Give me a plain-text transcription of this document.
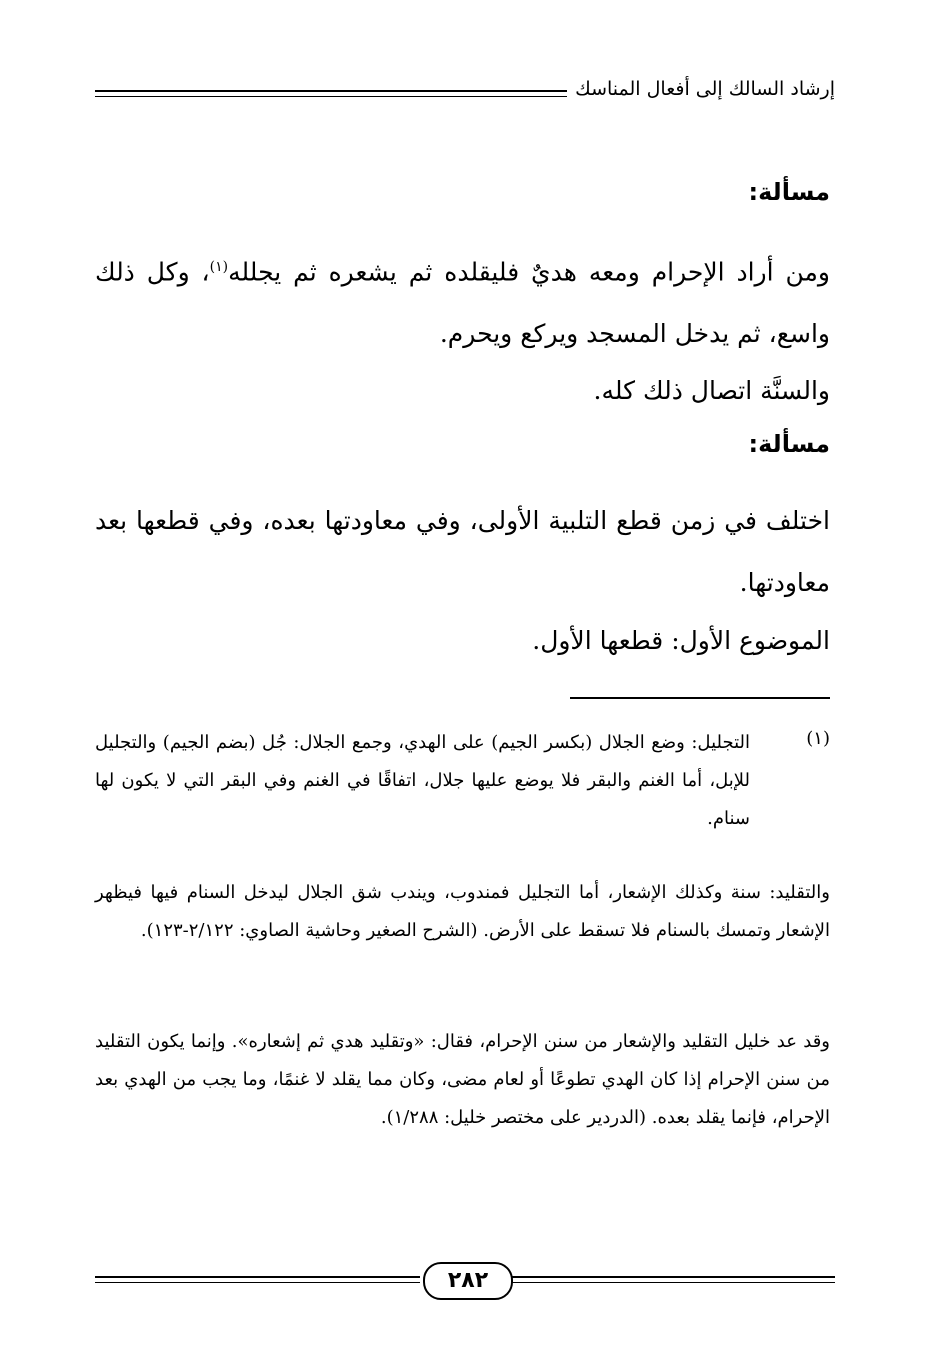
إرشاد السالك إلى أفعال المناسك
مسألة:
ومن أراد الإحرام ومعه هديٌ فليقلده ثم يشعره ثم يجلله$^{(١)}$، وكل ذلك واسع، ثم يدخل المسجد ويركع ويحرم.
والسنَّة اتصال ذلك كله.
مسألة:
اختلف في زمن قطع التلبية الأولى، وفي معاودتها بعده، وفي قطعها بعد معاودتها.
الموضوع الأول: قطعها الأول.
(١)
التجليل: وضع الجلال (بكسر الجيم) على الهدي، وجمع الجلال: جُل (بضم الجيم) والتجليل للإبل، أما الغنم والبقر فلا يوضع عليها جلال، اتفاقًا في الغنم وفي البقر التي لا يكون لها سنام.
والتقليد: سنة وكذلك الإشعار، أما التجليل فمندوب، ويندب شق الجلال ليدخل السنام فيها فيظهر الإشعار وتمسك بالسنام فلا تسقط على الأرض. (الشرح الصغير وحاشية الصاوي: ٢/١٢٢-١٢٣).
وقد عد خليل التقليد والإشعار من سنن الإحرام، فقال: «وتقليد هدي ثم إشعاره». وإنما يكون التقليد من سنن الإحرام إذا كان الهدي تطوعًا أو لعام مضى، وكان مما يقلد لا غنمًا، وما يجب من الهدي بعد الإحرام، فإنما يقلد بعده. (الدردير على مختصر خليل: ١/٢٨٨).
٢٨٢
